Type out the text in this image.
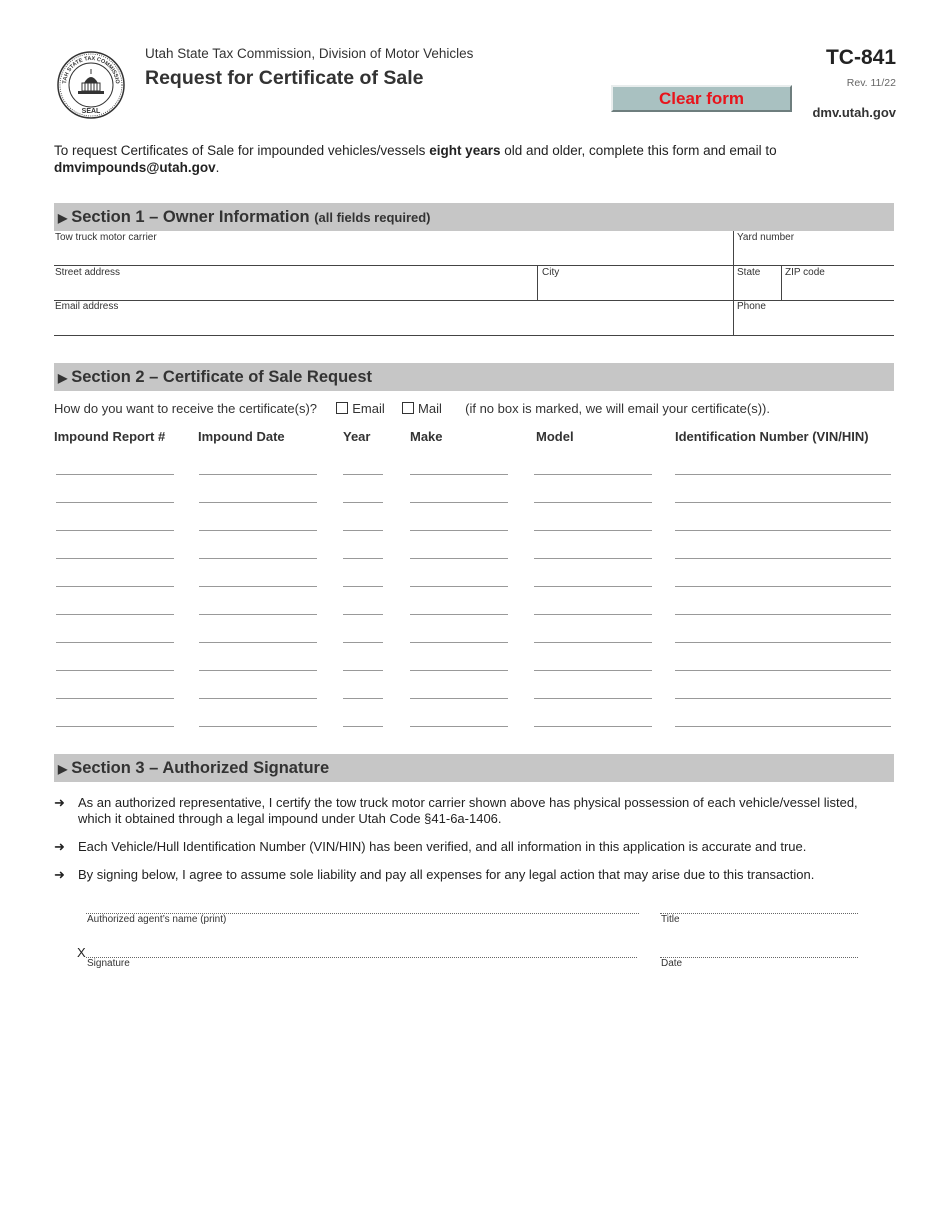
TAH STATE TAX COMMISSIO
SEAL
Utah State Tax Commission, Division of Motor Vehicles
Request for Certificate of Sale
TC-841
Rev. 11/22
Clear form
dmv.utah.gov
To request Certificates of Sale for impounded vehicles/vessels eight years old and older, complete this form and email to
dmvimpounds@utah.gov.
▶ Section 1 – Owner Information (all fields required)
Tow truck motor carrier	Yard number
Street address	City	State ZIP code
Email address	Phone
▶ Section 2 – Certificate of Sale Request
How do you want to receive the certificate(s)?	Email	Mail (if no box is marked, we will email your certificate(s)).
Impound Report #	Impound Date	Year	Make	Model	Identification Number (VIN/HIN)
▶ Section 3 – Authorized Signature
➜ As an authorized representative, I certify the tow truck motor carrier shown above has physical possession of each vehicle/vessel listed, which it obtained through a legal impound under Utah Code §41-6a-1406.
➜ Each Vehicle/Hull Identification Number (VIN/HIN) has been verified, and all information in this application is accurate and true.
➜ By signing below, I agree to assume sole liability and pay all expenses for any legal action that may arise due to this transaction.
Authorized agent’s name (print)	Title
X
Signature	Date
